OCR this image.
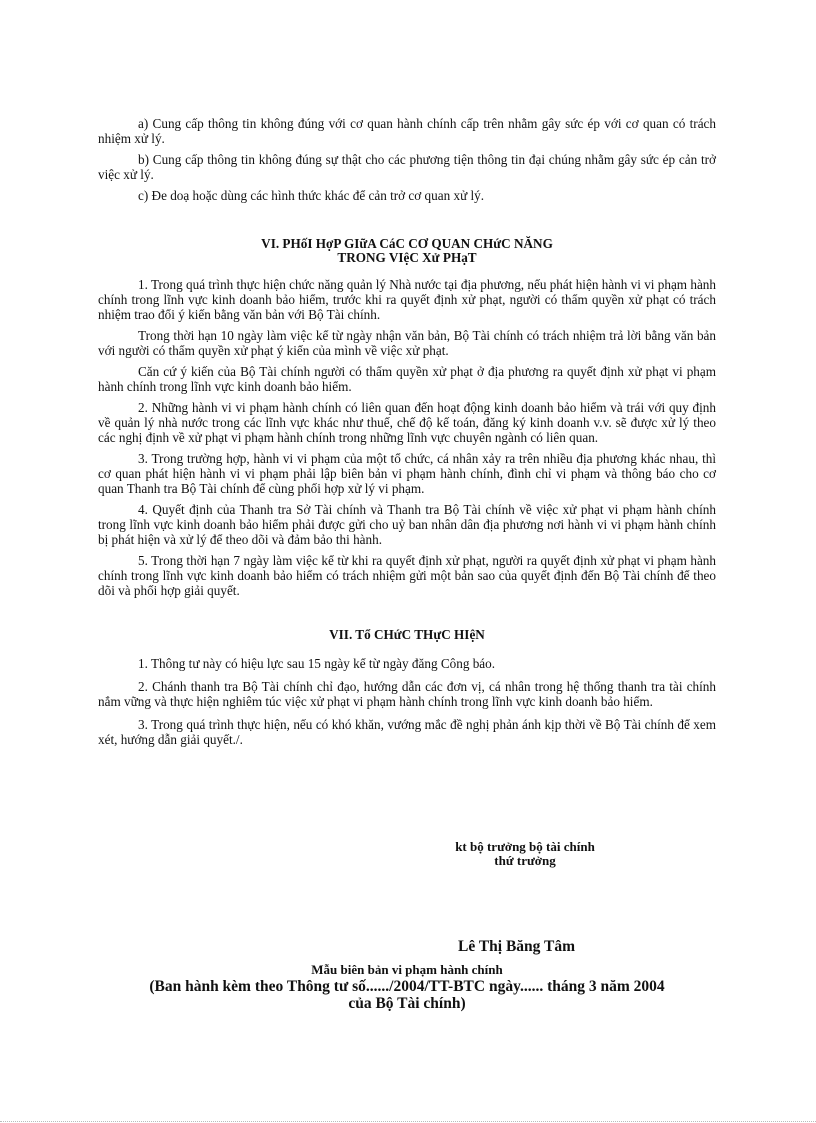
a) Cung cấp thông tin không đúng với cơ quan hành chính cấp trên nhằm gây sức ép với cơ quan có trách nhiệm xử lý.

b) Cung cấp thông tin không đúng sự thật cho các phương tiện thông tin đại chúng nhằm gây sức ép cản trở việc xử lý.

c) Đe doạ hoặc dùng các hình thức khác để cản trở cơ quan xử lý.

VI. PHốI HợP GIữA CáC CƠ QUAN CHứC NĂNG

TRONG VIệC Xử PHạT

1. Trong quá trình thực hiện chức năng quản lý Nhà nước tại địa phương, nếu phát hiện hành vi vi phạm hành chính trong lĩnh vực kinh doanh bảo hiểm, trước khi ra quyết định xử phạt, người có thẩm quyền xử phạt có trách nhiệm trao đổi ý kiến bằng văn bản với Bộ Tài chính.

Trong thời hạn 10 ngày làm việc kể từ ngày nhận văn bản, Bộ Tài chính có trách nhiệm trả lời bằng văn bản với người có thẩm quyền xử phạt ý kiến của mình về việc xử phạt.

Căn cứ ý kiến của Bộ Tài chính người có thẩm quyền xử phạt ở địa phương ra quyết định xử phạt vi phạm hành chính trong lĩnh vực kinh doanh bảo hiểm.

2. Những hành vi vi phạm hành chính có liên quan đến hoạt động kinh doanh bảo hiểm và trái với quy định về quản lý nhà nước trong các lĩnh vực khác như thuế, chế độ kế toán, đăng ký kinh doanh v.v. sẽ được xử lý theo các nghị định về xử phạt vi phạm hành chính trong những lĩnh vực chuyên ngành có liên quan.

3. Trong trường hợp, hành vi vi phạm của một tổ chức, cá nhân xảy ra trên nhiều địa phương khác nhau, thì cơ quan phát hiện hành vi vi phạm phải lập biên bản vi phạm hành chính, đình chỉ vi phạm và thông báo cho cơ quan Thanh tra Bộ Tài chính để cùng phối hợp xử lý vi phạm.

4. Quyết định của Thanh tra Sở Tài chính và Thanh tra Bộ Tài chính về việc xử phạt vi phạm hành chính trong lĩnh vực kinh doanh bảo hiểm phải được gửi cho uỷ ban nhân dân địa phương nơi hành vi vi phạm hành chính bị phát hiện và xử lý để theo dõi và đảm bảo thi hành.

5. Trong thời hạn 7 ngày làm việc kể từ khi ra quyết định xử phạt, người ra quyết định xử phạt vi phạm hành chính trong lĩnh vực kinh doanh bảo hiểm có trách nhiệm gửi một bản sao của quyết định đến Bộ Tài chính để theo dõi và phối hợp giải quyết.

VII. Tổ CHứC THựC HIệN

1. Thông tư này có hiệu lực sau 15 ngày kể từ ngày đăng Công báo.

2. Chánh thanh tra Bộ Tài chính chỉ đạo, hướng dẫn các đơn vị, cá nhân trong hệ thống thanh tra tài chính nắm vững và thực hiện nghiêm túc việc xử phạt vi phạm hành chính trong lĩnh vực kinh doanh bảo hiểm.

3. Trong quá trình thực hiện, nếu có khó khăn, vướng mắc đề nghị phản ánh kịp thời về Bộ Tài chính để xem xét, hướng dẫn giải quyết./.

kt bộ trưởng bộ tài chính
thứ trưởng
Lê Thị Băng Tâm
Mẫu biên bản vi phạm hành chính
(Ban hành kèm theo Thông tư số....../2004/TT-BTC ngày...... tháng 3 năm 2004
của Bộ Tài chính)
